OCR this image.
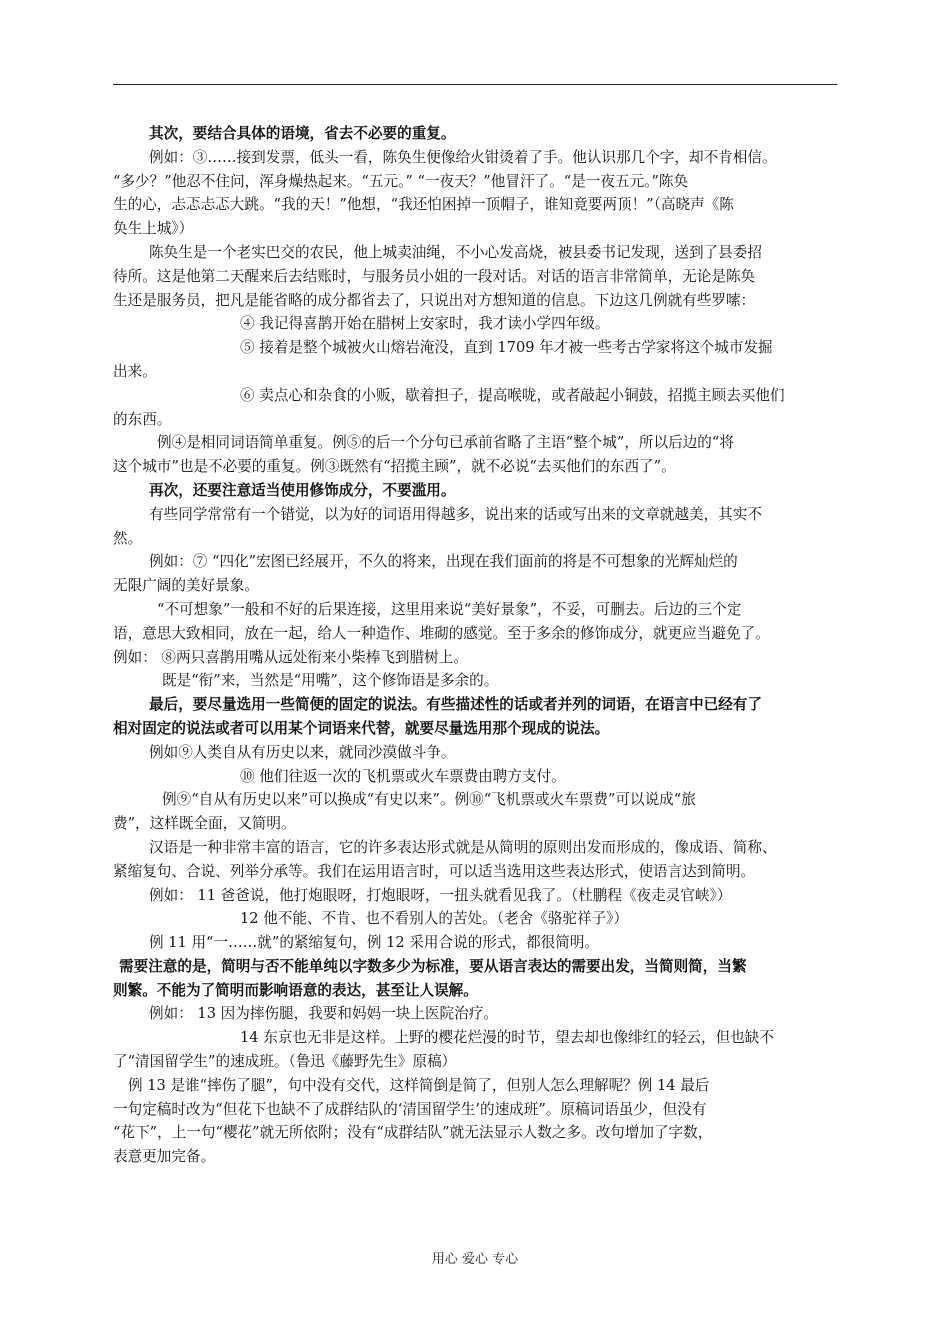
其次，要结合具体的语境，省去不必要的重复。

例如：③……接到发票，低头一看，陈奂生便像给火钳烫着了手。他认识那几个字，却不肯相信。

“多少？”他忍不住问，浑身燥热起来。“五元。” “一夜天？”他冒汗了。“是一夜五元。”陈奂

生的心，忐忑忐忑大跳。“我的天！”他想，“我还怕困掉一顶帽子，谁知竟要两顶！”（高晓声《陈

奂生上城》）

陈奂生是一个老实巴交的农民，他上城卖油绳，不小心发高烧，被县委书记发现，送到了县委招

待所。这是他第二天醒来后去结账时，与服务员小姐的一段对话。对话的语言非常简单，无论是陈奂

生还是服务员，把凡是能省略的成分都省去了，只说出对方想知道的信息。下边这几例就有些罗嗦：

④ 我记得喜鹊开始在腊树上安家时，我才读小学四年级。

⑤ 接着是整个城被火山熔岩淹没，直到 1709 年才被一些考古学家将这个城市发掘

出来。

⑥ 卖点心和杂食的小贩，歇着担子，提高喉咙，或者敲起小铜鼓，招揽主顾去买他们

的东西。

例④是相同词语简单重复。例⑤的后一个分句已承前省略了主语“整个城”，所以后边的“将

这个城市”也是不必要的重复。例③既然有“招揽主顾”，就不必说“去买他们的东西了”。

再次，还要注意适当使用修饰成分，不要滥用。

有些同学常常有一个错觉，以为好的词语用得越多，说出来的话或写出来的文章就越美，其实不

然。

例如：⑦ “四化”宏图已经展开，不久的将来，出现在我们面前的将是不可想象的光辉灿烂的

无限广阔的美好景象。

“不可想象”一般和不好的后果连接，这里用来说“美好景象”，不妥，可删去。后边的三个定

语，意思大致相同，放在一起，给人一种造作、堆砌的感觉。至于多余的修饰成分，就更应当避免了。

例如： ⑧两只喜鹊用嘴从远处衔来小柴棒飞到腊树上。

既是“衔”来，当然是“用嘴”，这个修饰语是多余的。

最后，要尽量选用一些简便的固定的说法。有些描述性的话或者并列的词语，在语言中已经有了

相对固定的说法或者可以用某个词语来代替，就要尽量选用那个现成的说法。

例如⑨人类自从有历史以来，就同沙漠做斗争。

⑩ 他们往返一次的飞机票或火车票费由聘方支付。

例⑨“自从有历史以来”可以换成“有史以来”。例⑩“飞机票或火车票费”可以说成“旅

费”，这样既全面，又简明。

汉语是一种非常丰富的语言，它的许多表达形式就是从简明的原则出发而形成的，像成语、简称、

紧缩复句、合说、列举分承等。我们在运用语言时，可以适当选用这些表达形式，使语言达到简明。

例如： 11 爸爸说，他打炮眼呀，打炮眼呀，一扭头就看见我了。（杜鹏程《夜走灵官峡》）

12 他不能、不肯、也不看别人的苦处。（老舍《骆驼祥子》）

例 11 用“一……就”的紧缩复句，例 12 采用合说的形式，都很简明。

需要注意的是，简明与否不能单纯以字数多少为标准，要从语言表达的需要出发，当简则简，当繁

则繁。不能为了简明而影响语意的表达，甚至让人误解。

例如： 13 因为摔伤腿，我要和妈妈一块上医院治疗。

14 东京也无非是这样。上野的樱花烂漫的时节，望去却也像绯红的轻云，但也缺不

了“清国留学生”的速成班。（鲁迅《藤野先生》原稿）

例 13 是谁“摔伤了腿”，句中没有交代，这样简倒是简了，但别人怎么理解呢？例 14 最后

一句定稿时改为“但花下也缺不了成群结队的‘清国留学生’的速成班”。原稿词语虽少，但没有

“花下”，上一句“樱花”就无所依附；没有“成群结队”就无法显示人数之多。改句增加了字数，

表意更加完备。

用心 爱心 专心
